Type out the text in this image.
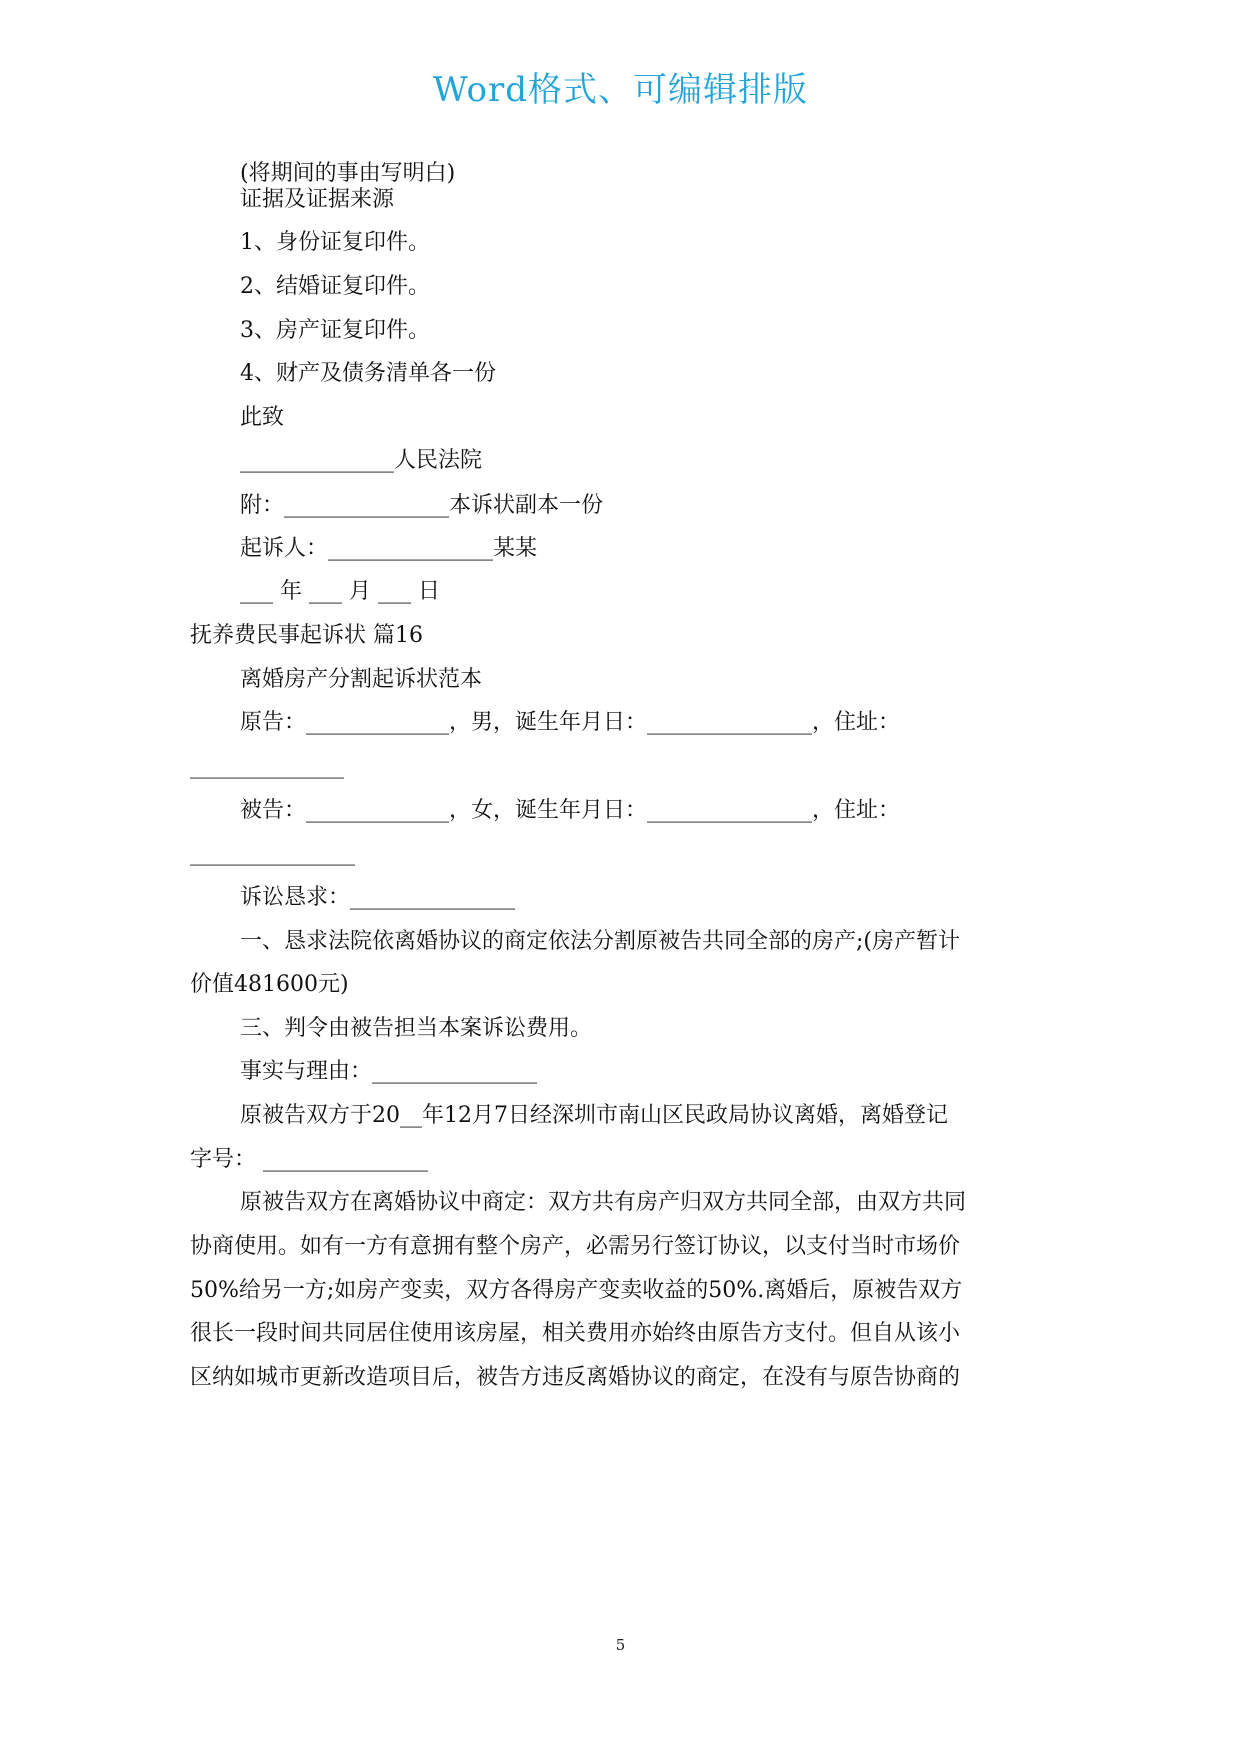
Word格式、可编辑排版
(将期间的事由写明白)
证据及证据来源
1、身份证复印件。
2、结婚证复印件。
3、房产证复印件。
4、财产及债务清单各一份
此致
______________人民法院
附：_______________本诉状副本一份
起诉人：_______________某某
___ 年 ___ 月 ___ 日
抚养费民事起诉状 篇16
离婚房产分割起诉状范本
原告：_____________，男，诞生年月日：_______________，住址：
______________
被告：_____________，女，诞生年月日：_______________，住址：
_______________
诉讼恳求：_______________
一、恳求法院依离婚协议的商定依法分割原被告共同全部的房产;(房产暂计
价值481600元)
三、判令由被告担当本案诉讼费用。
事实与理由：_______________
原被告双方于20__年12月7日经深圳市南山区民政局协议离婚，离婚登记
字号： _______________
原被告双方在离婚协议中商定：双方共有房产归双方共同全部，由双方共同
协商使用。如有一方有意拥有整个房产，必需另行签订协议，以支付当时市场价
50%给另一方;如房产变卖，双方各得房产变卖收益的50%.离婚后，原被告双方
很长一段时间共同居住使用该房屋，相关费用亦始终由原告方支付。但自从该小
区纳如城市更新改造项目后，被告方违反离婚协议的商定，在没有与原告协商的
5
